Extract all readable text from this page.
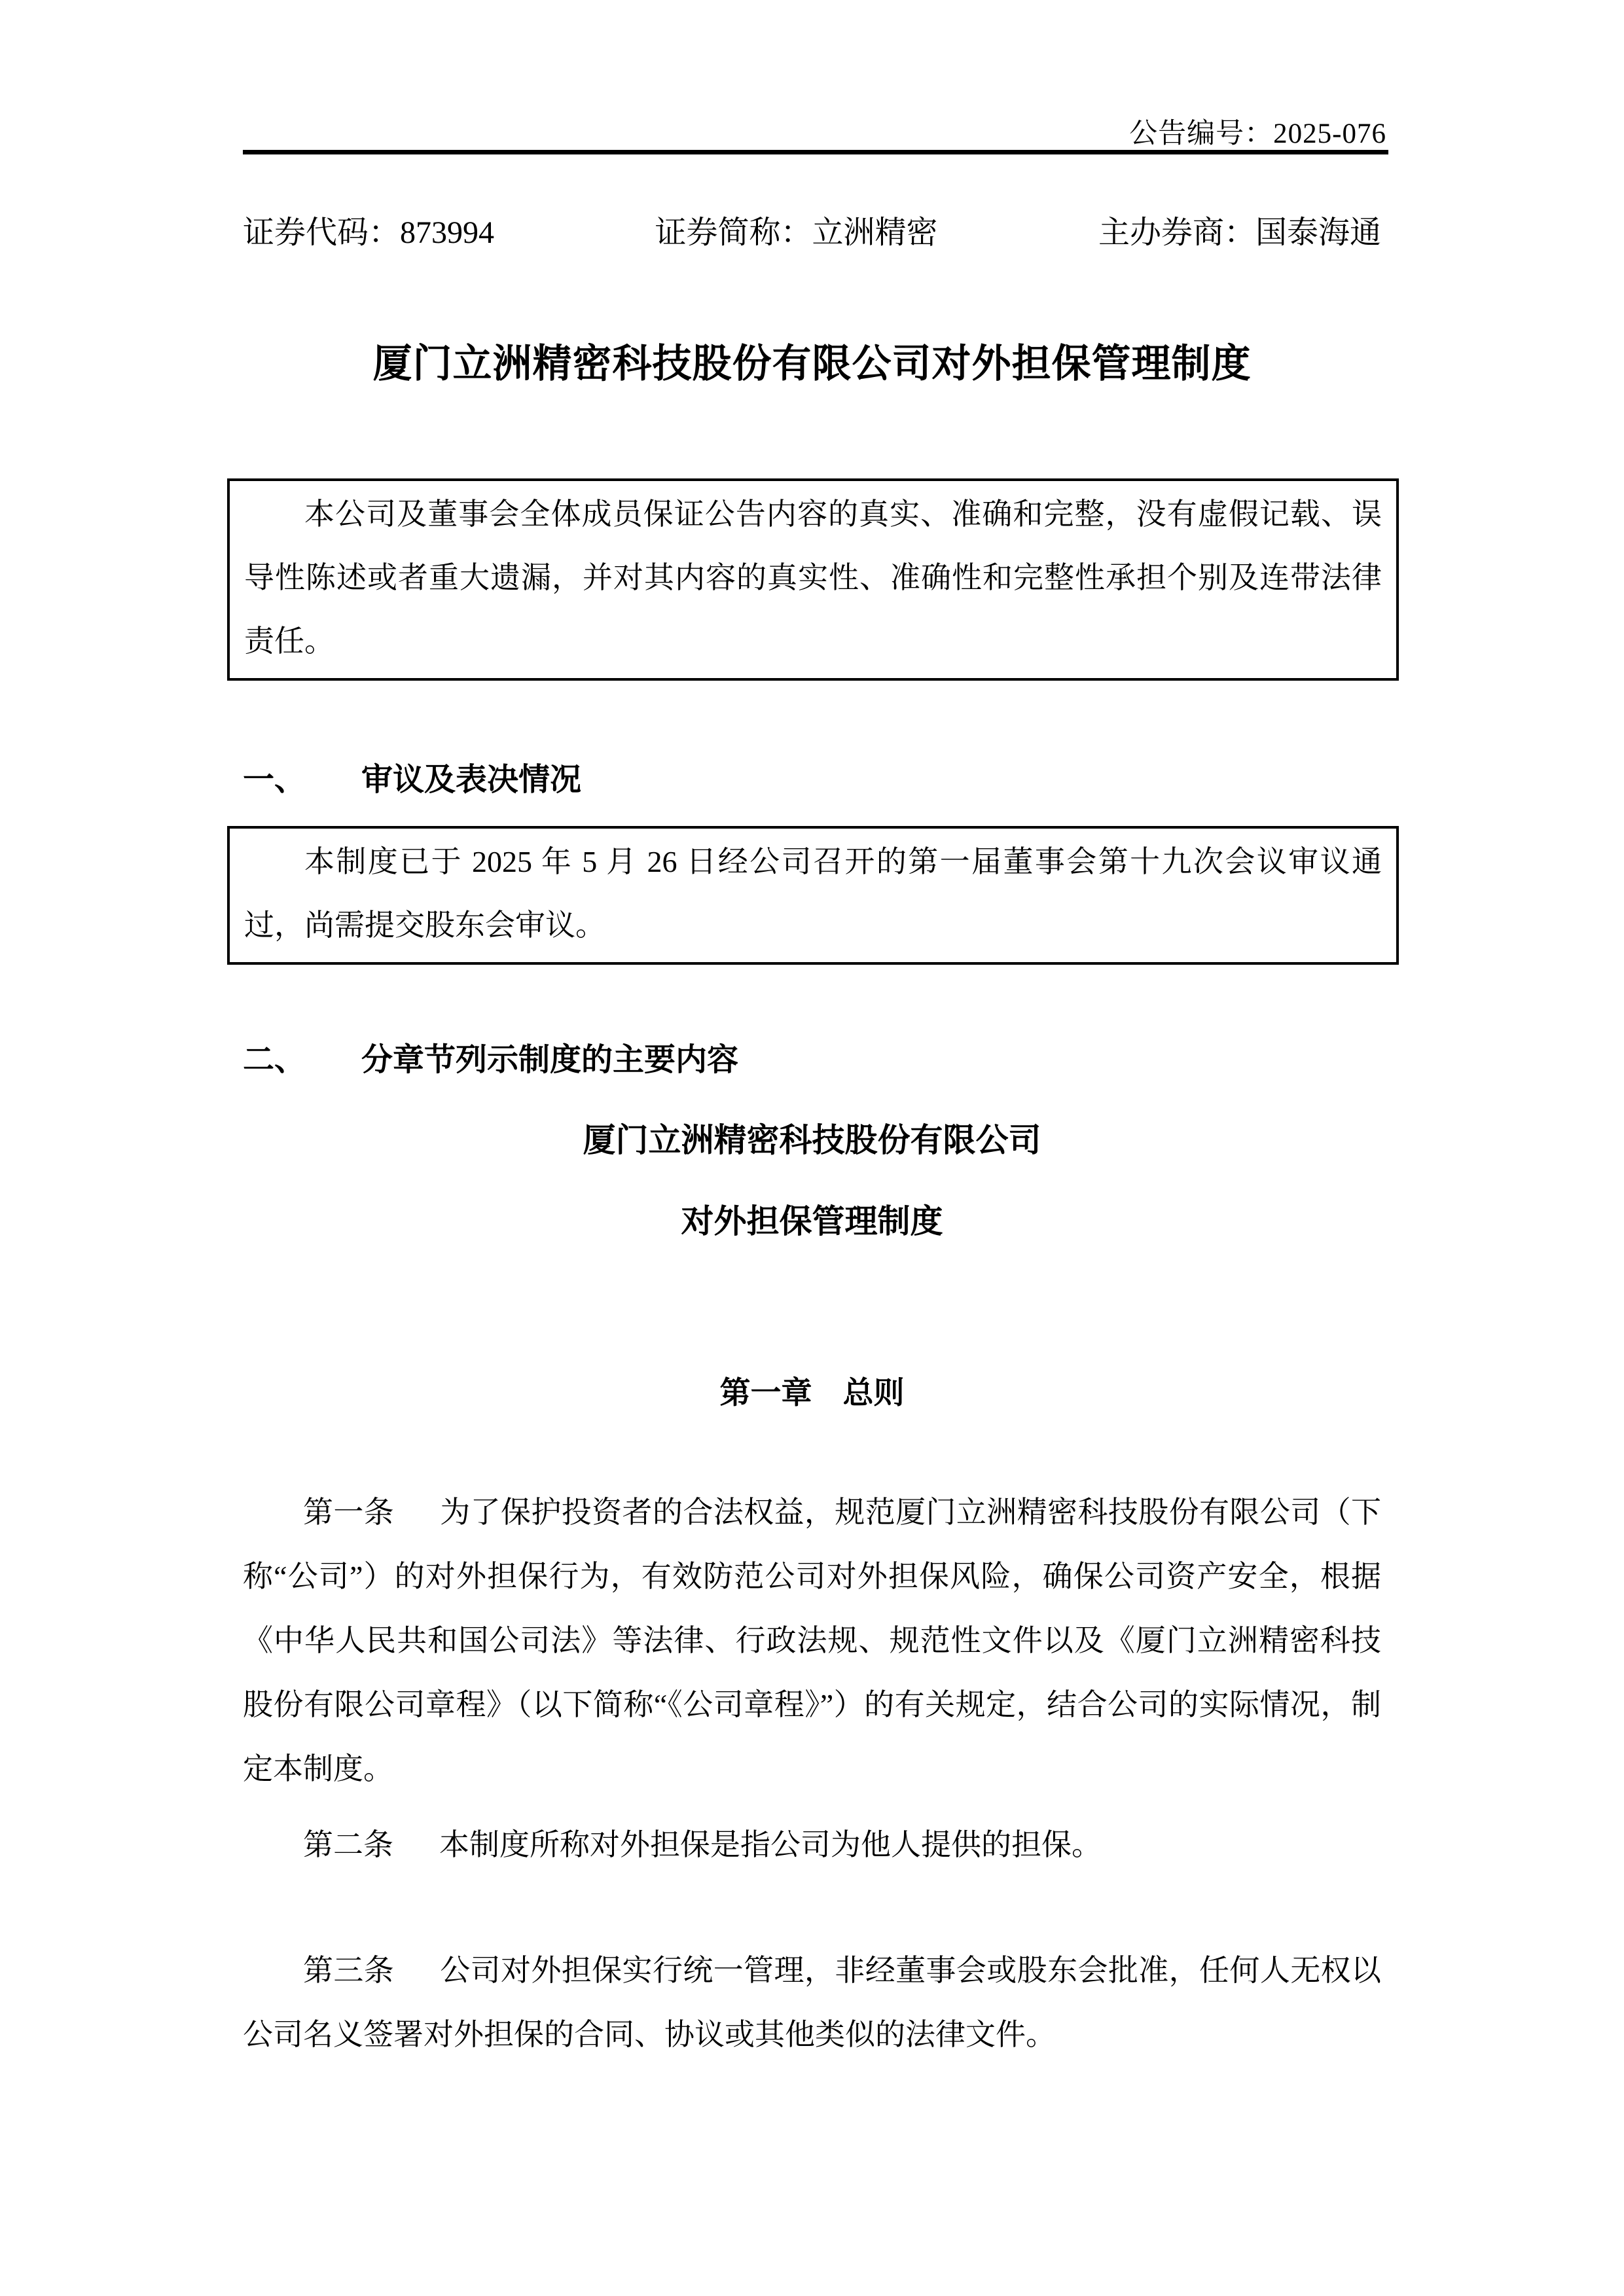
公告编号：2025-076
证券代码：873994	证券简称：立洲精密	主办券商：国泰海通
厦门立洲精密科技股份有限公司对外担保管理制度

本公司及董事会全体成员保证公告内容的真实、准确和完整，没有虚假记载、误导性陈述或者重大遗漏，并对其内容的真实性、准确性和完整性承担个别及连带法律责任。

一、 审议及表决情况

本制度已于 2025 年 5 月 26 日经公司召开的第一届董事会第十九次会议审议通过，尚需提交股东会审议。

二、 分章节列示制度的主要内容
厦门立洲精密科技股份有限公司
对外担保管理制度
第一章　总则

第一条 为了保护投资者的合法权益，规范厦门立洲精密科技股份有限公司（下称“公司”）的对外担保行为，有效防范公司对外担保风险，确保公司资产安全，根据《中华人民共和国公司法》等法律、行政法规、规范性文件以及《厦门立洲精密科技股份有限公司章程》（以下简称“《公司章程》”）的有关规定，结合公司的实际情况，制定本制度。

第二条 本制度所称对外担保是指公司为他人提供的担保。

第三条 公司对外担保实行统一管理，非经董事会或股东会批准，任何人无权以公司名义签署对外担保的合同、协议或其他类似的法律文件。
